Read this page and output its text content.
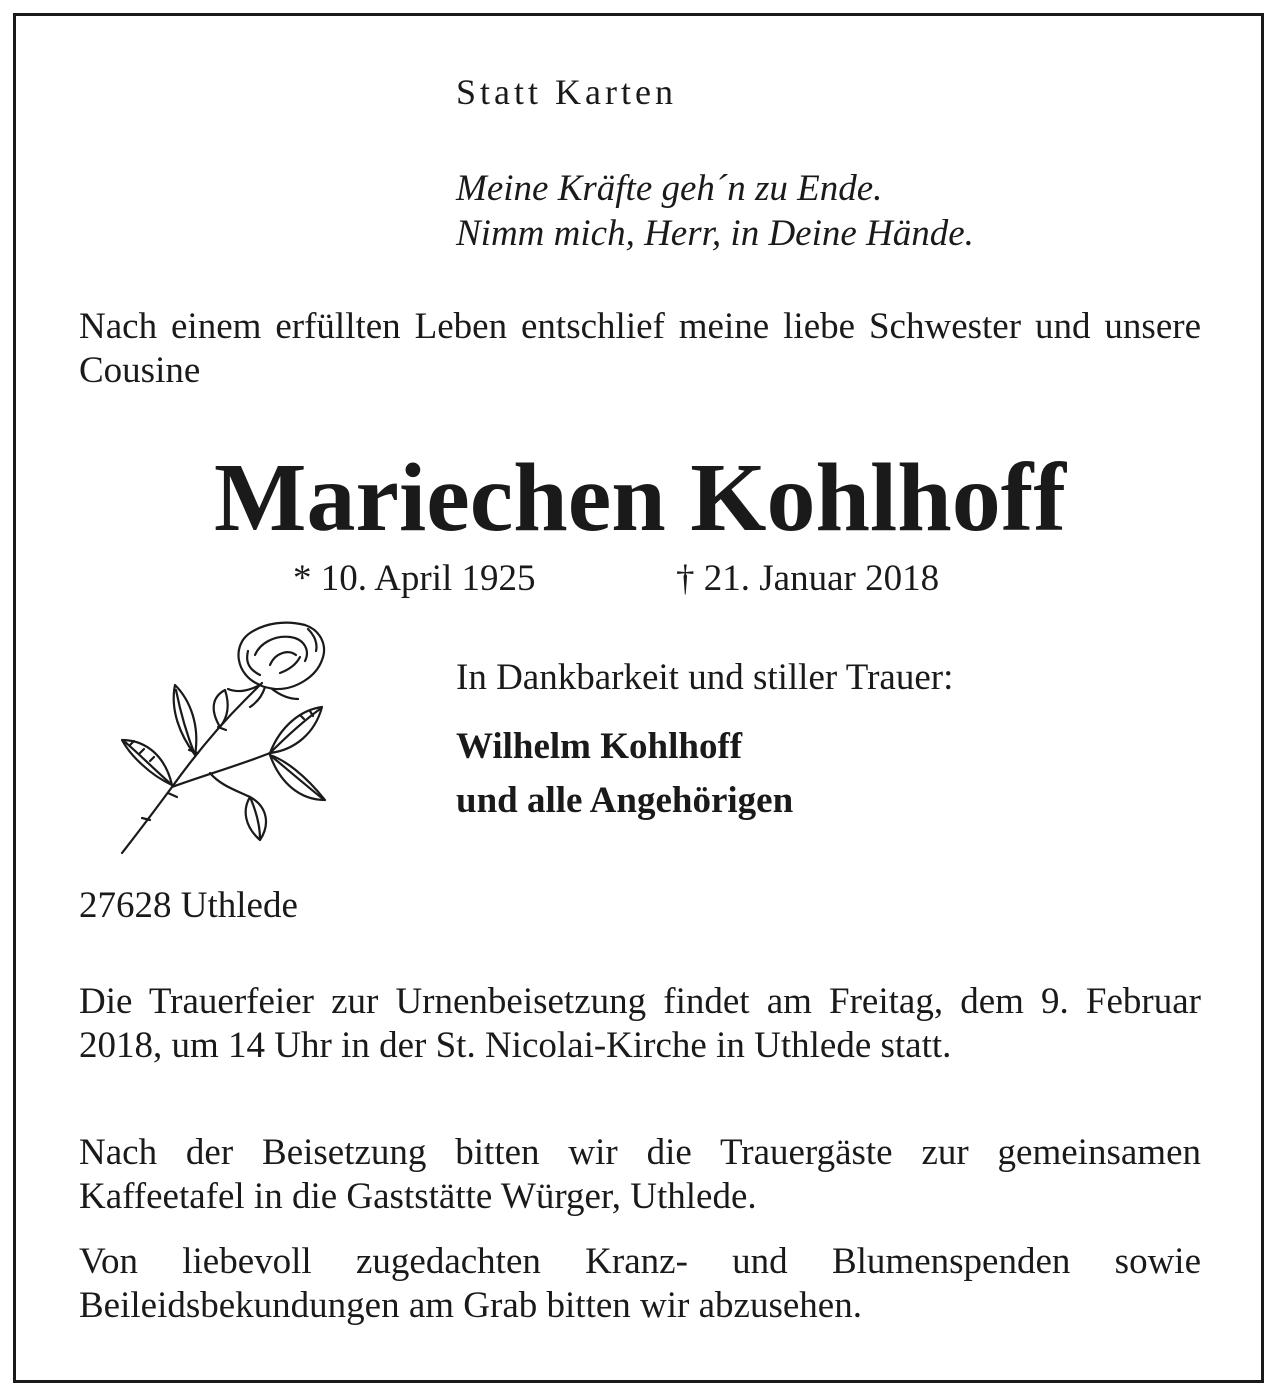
Statt Karten
Meine Kräfte geh´n zu Ende.
Nimm mich, Herr, in Deine Hände.
Nach einem erfüllten Leben entschlief meine liebe Schwester und unsere Cousine
Mariechen Kohlhoff
* 10. April 1925	† 21. Januar 2018
In Dankbarkeit und stiller Trauer:
Wilhelm Kohlhoff
und alle Angehörigen
27628 Uthlede
Die Trauerfeier zur Urnenbeisetzung findet am Freitag, dem 9. Februar 2018, um 14 Uhr in der St. Nicolai-Kirche in Uthlede statt.
Nach der Beisetzung bitten wir die Trauergäste zur gemeinsamen Kaffeetafel in die Gaststätte Würger, Uthlede.
Von liebevoll zugedachten Kranz- und Blumenspenden sowie Beileidsbekundungen am Grab bitten wir abzusehen.
